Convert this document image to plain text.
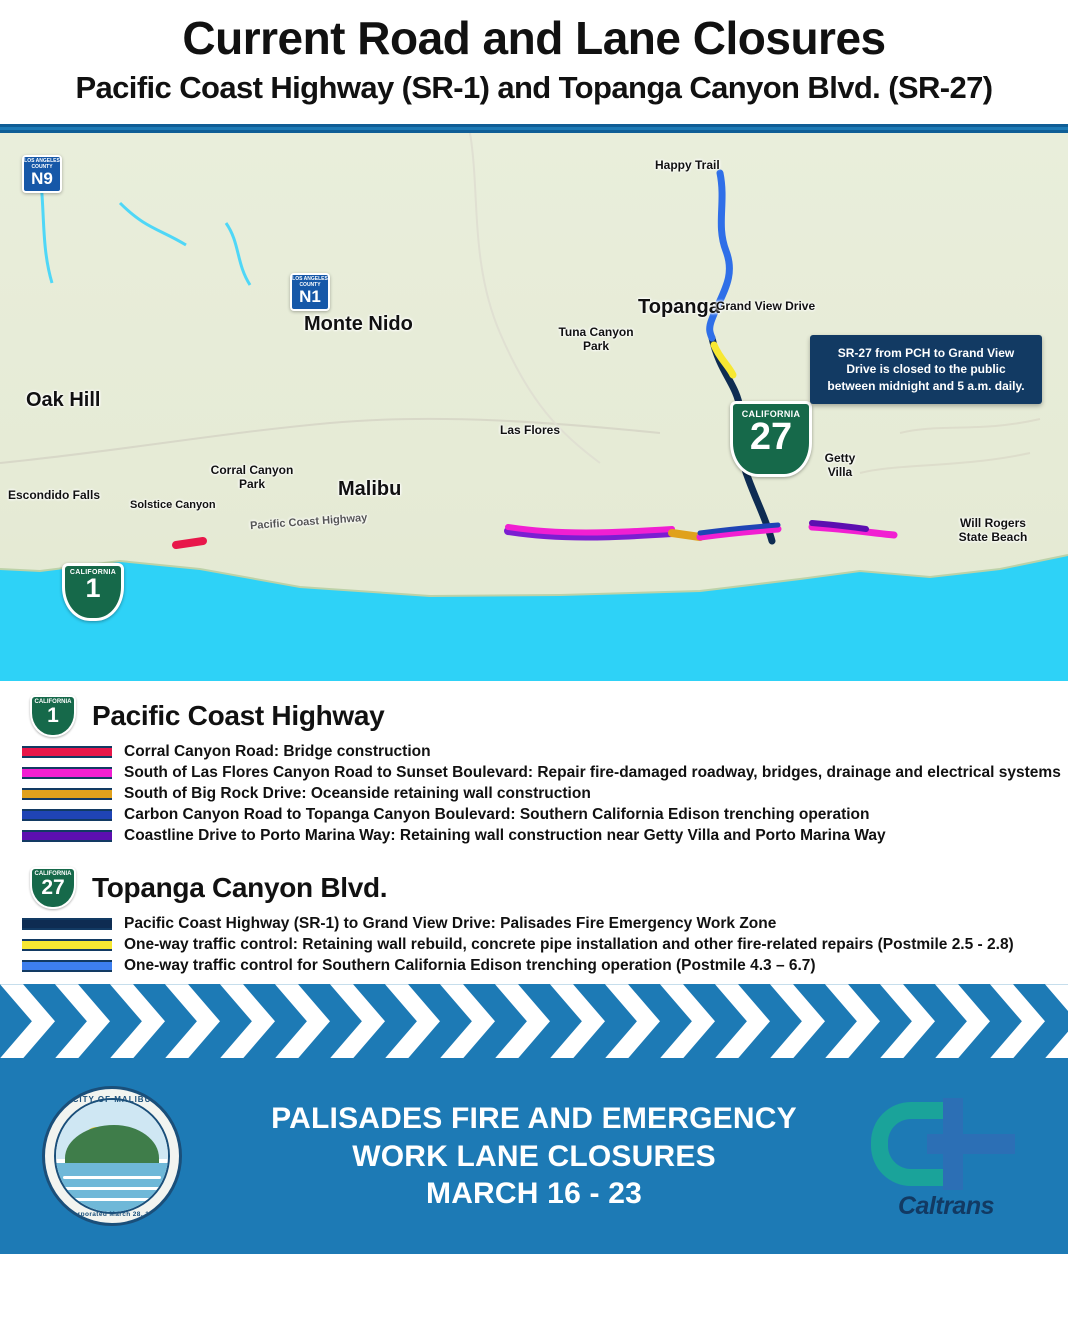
Current Road and Lane Closures
Pacific Coast Highway (SR-1) and Topanga Canyon Blvd. (SR-27)
LOS ANGELES COUNTY
N9
LOS ANGELES COUNTY
N1
CALIFORNIA
27
CALIFORNIA
1
Happy Trail
Topanga
Grand View Drive
Tuna Canyon Park
Monte Nido
Oak Hill
Las Flores
Corral Canyon Park	Malibu
Escondido Falls
Solstice Canyon
Pacific Coast Highway
Getty Villa
Will Rogers State Beach
SR-27 from PCH to Grand View Drive is closed to the public between midnight and 5 a.m. daily.
CALIFORNIA
1	Pacific Coast Highway
Corral Canyon Road: Bridge construction
South of Las Flores Canyon Road to Sunset Boulevard: Repair fire-damaged roadway, bridges, drainage and electrical systems
South of Big Rock Drive: Oceanside retaining wall construction
Carbon Canyon Road to Topanga Canyon Boulevard: Southern California Edison trenching operation
Coastline Drive to Porto Marina Way: Retaining wall construction near Getty Villa and Porto Marina Way
CALIFORNIA
27 Topanga Canyon Blvd.
Pacific Coast Highway (SR-1) to Grand View Drive: Palisades Fire Emergency Work Zone
One-way traffic control: Retaining wall rebuild, concrete pipe installation and other fire-related repairs (Postmile 2.5 - 2.8)
One-way traffic control for Southern California Edison trenching operation (Postmile 4.3 – 6.7)
CITY OF MALIBU
Incorporated March 28, 1991
PALISADES FIRE AND EMERGENCY
WORK LANE CLOSURES
MARCH 16 - 23	Caltrans
